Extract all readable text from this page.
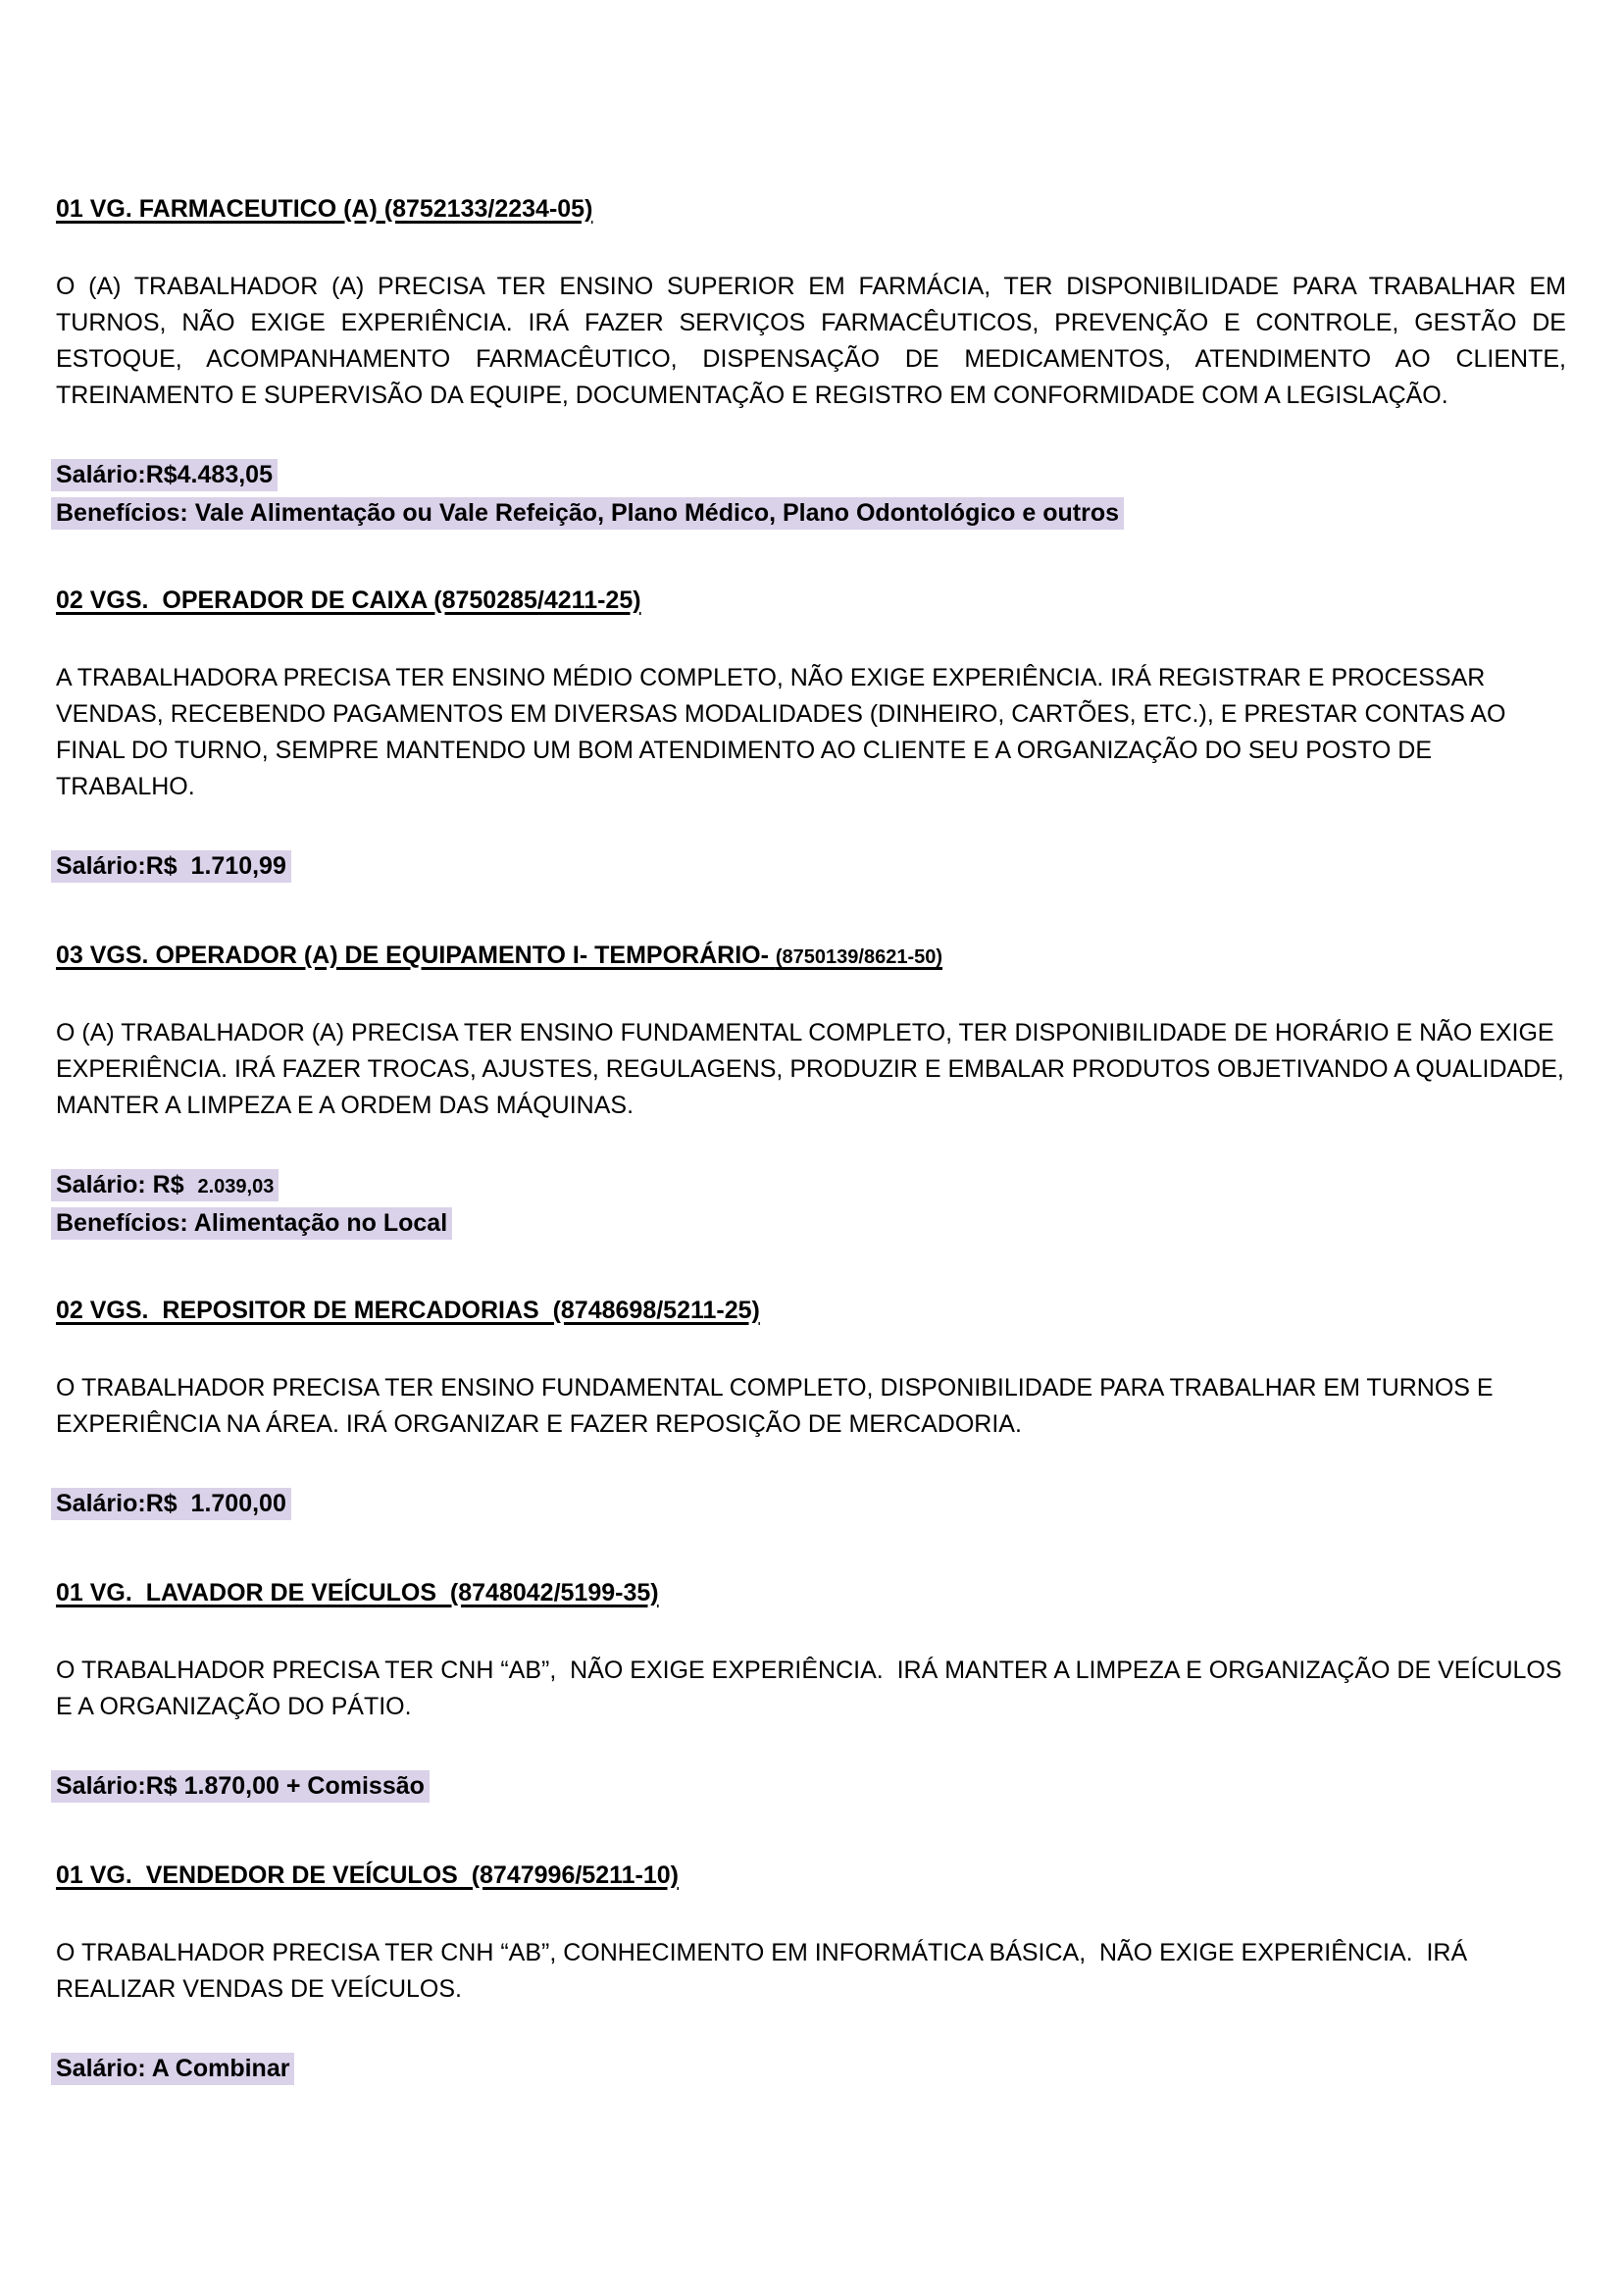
01 VG. FARMACEUTICO (A) (8752133/2234-05)

O (A) TRABALHADOR (A) PRECISA TER ENSINO SUPERIOR EM FARMÁCIA, TER DISPONIBILIDADE PARA TRABALHAR EM TURNOS, NÃO EXIGE EXPERIÊNCIA. IRÁ FAZER SERVIÇOS FARMACÊUTICOS, PREVENÇÃO E CONTROLE, GESTÃO DE ESTOQUE, ACOMPANHAMENTO FARMACÊUTICO, DISPENSAÇÃO DE MEDICAMENTOS, ATENDIMENTO AO CLIENTE, TREINAMENTO E SUPERVISÃO DA EQUIPE, DOCUMENTAÇÃO E REGISTRO EM CONFORMIDADE COM A LEGISLAÇÃO.

Salário:R$4.483,05

Benefícios: Vale Alimentação ou Vale Refeição, Plano Médico, Plano Odontológico e outros

02 VGS.  OPERADOR DE CAIXA (8750285/4211-25)

A TRABALHADORA PRECISA TER ENSINO MÉDIO COMPLETO, NÃO EXIGE EXPERIÊNCIA. IRÁ REGISTRAR E PROCESSAR VENDAS, RECEBENDO PAGAMENTOS EM DIVERSAS MODALIDADES (DINHEIRO, CARTÕES, ETC.), E PRESTAR CONTAS AO FINAL DO TURNO, SEMPRE MANTENDO UM BOM ATENDIMENTO AO CLIENTE E A ORGANIZAÇÃO DO SEU POSTO DE TRABALHO.

Salário:R$  1.710,99

03 VGS. OPERADOR (A) DE EQUIPAMENTO I- TEMPORÁRIO- (8750139/8621-50)

O (A) TRABALHADOR (A) PRECISA TER ENSINO FUNDAMENTAL COMPLETO, TER DISPONIBILIDADE DE HORÁRIO E NÃO EXIGE EXPERIÊNCIA. IRÁ FAZER TROCAS, AJUSTES, REGULAGENS, PRODUZIR E EMBALAR PRODUTOS OBJETIVANDO A QUALIDADE, MANTER A LIMPEZA E A ORDEM DAS MÁQUINAS.

Salário: R$  2.039,03

Benefícios: Alimentação no Local

02 VGS.  REPOSITOR DE MERCADORIAS  (8748698/5211-25)

O TRABALHADOR PRECISA TER ENSINO FUNDAMENTAL COMPLETO, DISPONIBILIDADE PARA TRABALHAR EM TURNOS E EXPERIÊNCIA NA ÁREA. IRÁ ORGANIZAR E FAZER REPOSIÇÃO DE MERCADORIA.

Salário:R$  1.700,00

01 VG.  LAVADOR DE VEÍCULOS  (8748042/5199-35)

O TRABALHADOR PRECISA TER CNH “AB”,  NÃO EXIGE EXPERIÊNCIA.  IRÁ MANTER A LIMPEZA E ORGANIZAÇÃO DE VEÍCULOS E A ORGANIZAÇÃO DO PÁTIO.

Salário:R$ 1.870,00 + Comissão

01 VG.  VENDEDOR DE VEÍCULOS  (8747996/5211-10)

O TRABALHADOR PRECISA TER CNH “AB”, CONHECIMENTO EM INFORMÁTICA BÁSICA,  NÃO EXIGE EXPERIÊNCIA.  IRÁ REALIZAR VENDAS DE VEÍCULOS.

Salário: A Combinar
